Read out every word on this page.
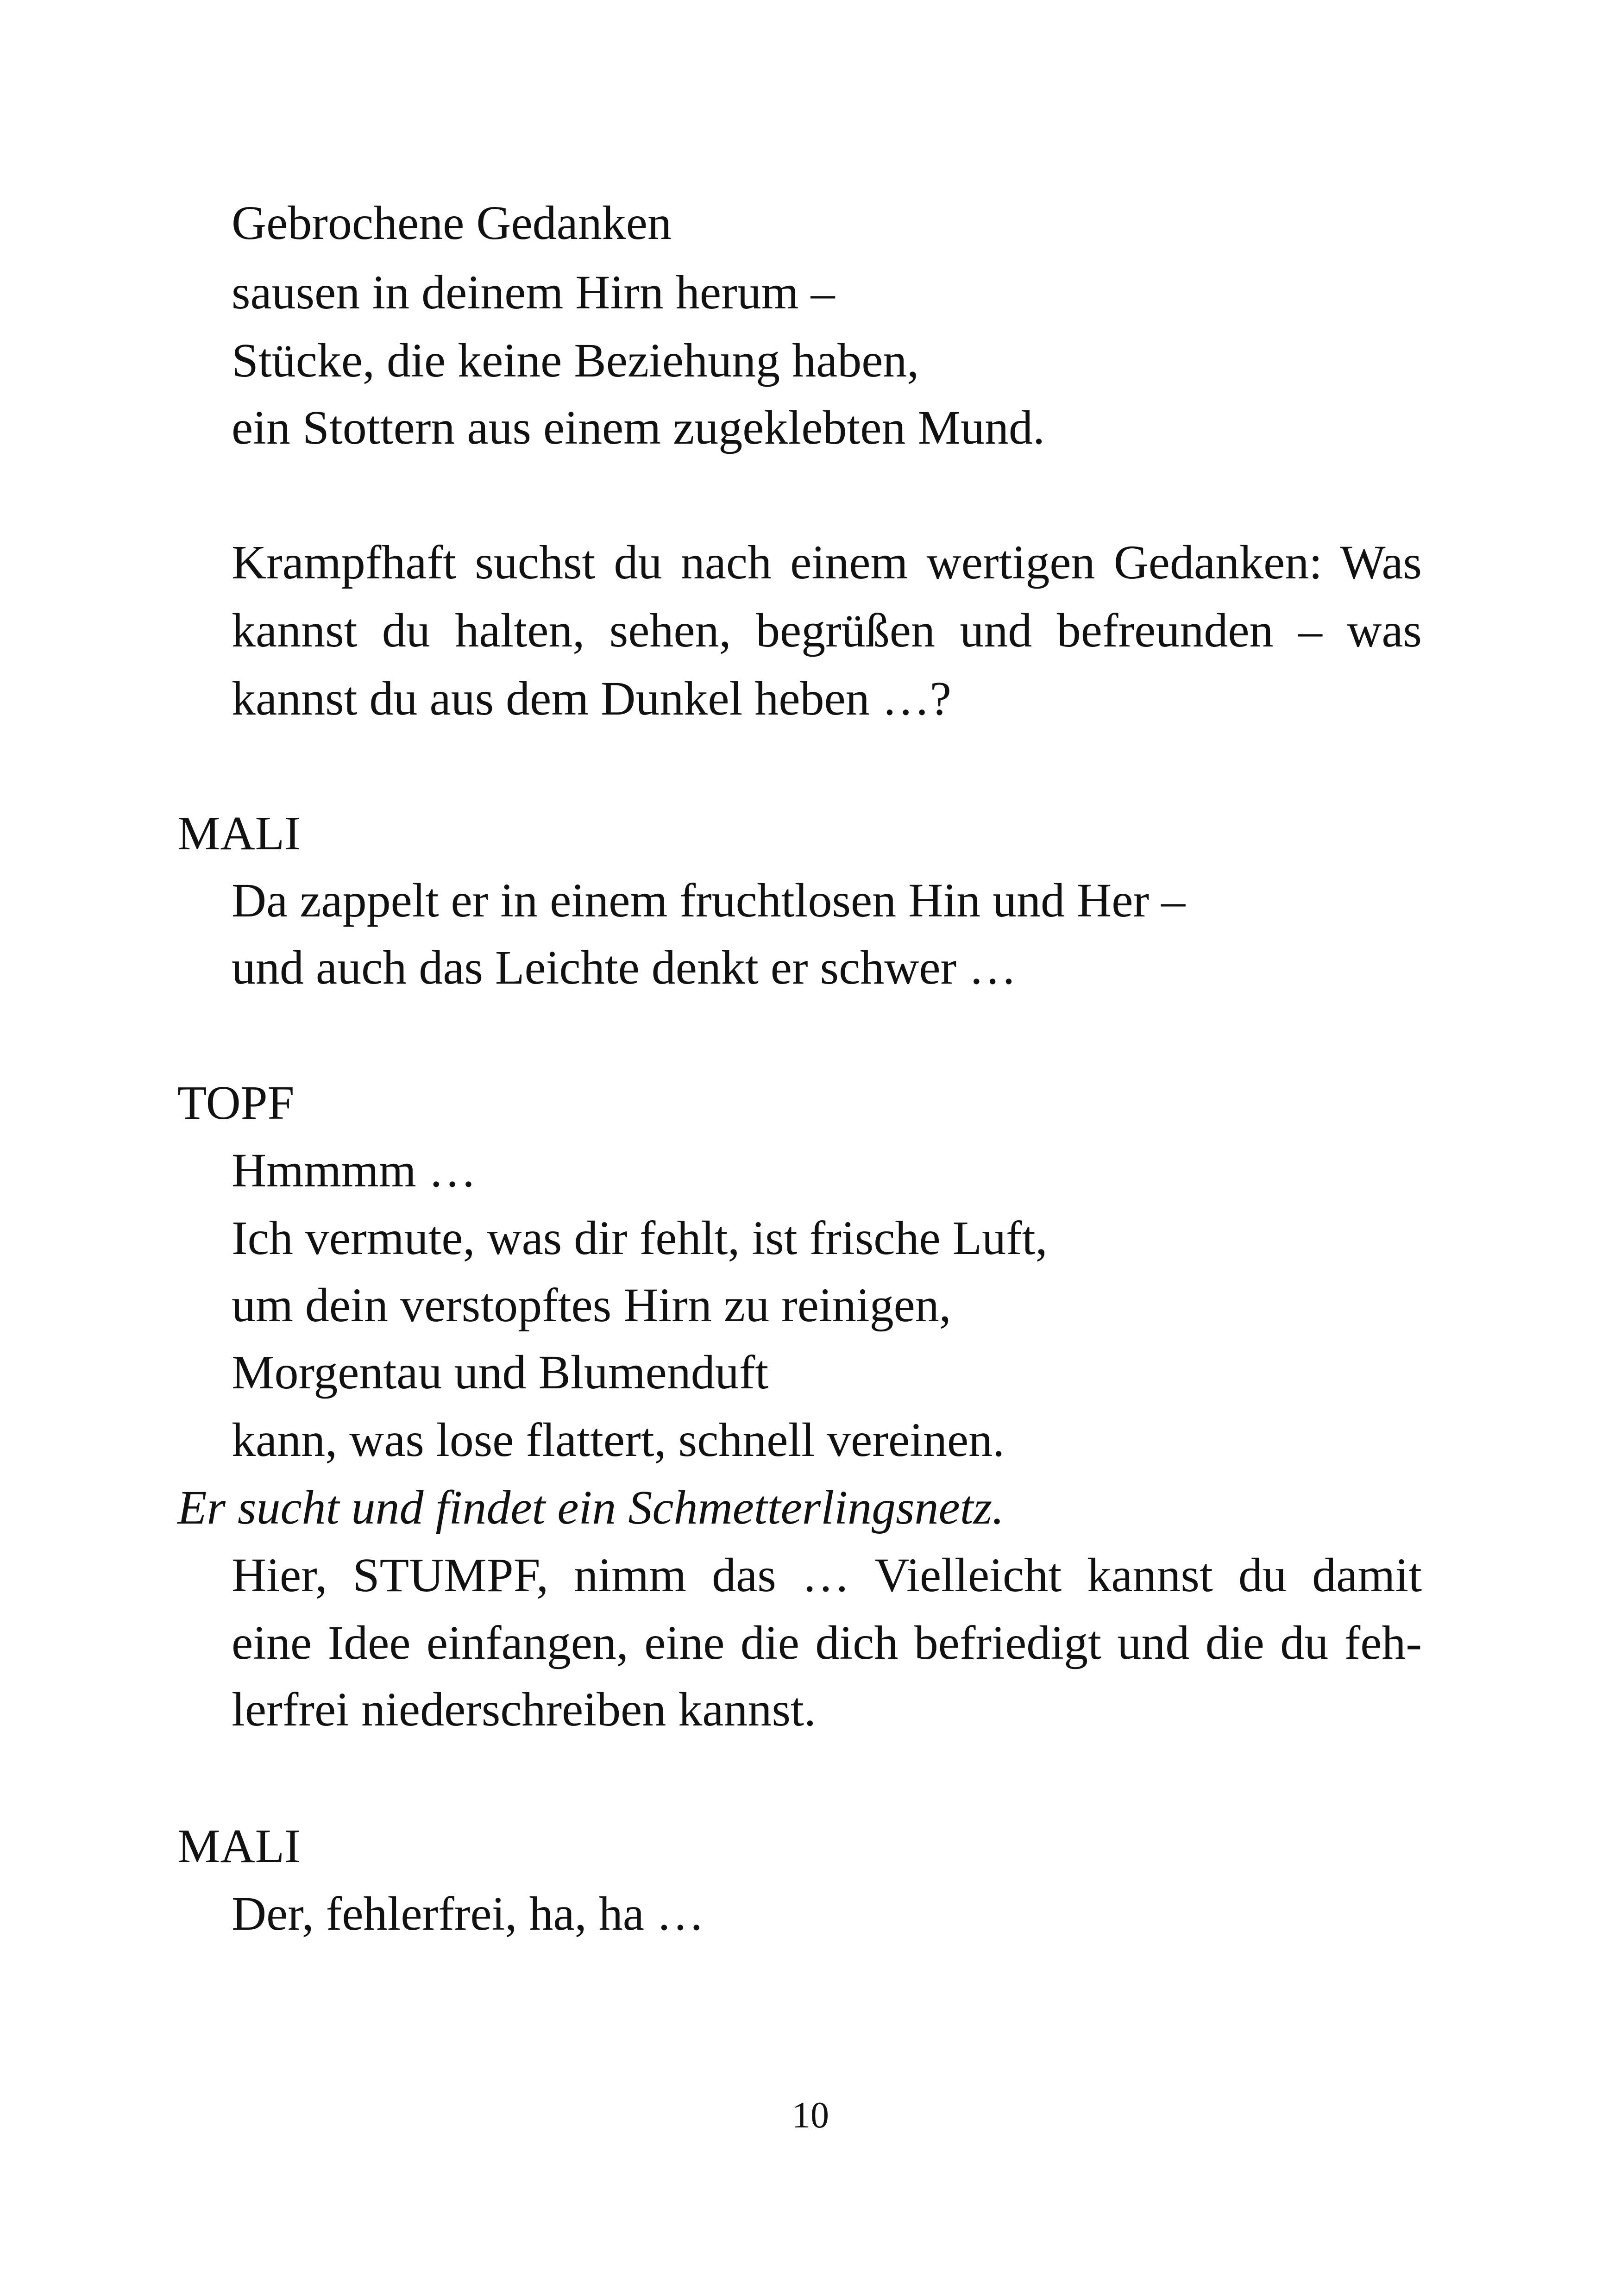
Gebrochene Gedanken

sausen in deinem Hirn herum –

Stücke, die keine Beziehung haben,

ein Stottern aus einem zugeklebten Mund.

Krampfhaft suchst du nach einem wertigen Gedanken: Was

kannst du halten, sehen, begrüßen und befreunden – was

kannst du aus dem Dunkel heben …?

MALI

Da zappelt er in einem fruchtlosen Hin und Her –

und auch das Leichte denkt er schwer …

TOPF

Hmmmm …

Ich vermute, was dir fehlt, ist frische Luft,

um dein verstopftes Hirn zu reinigen,

Morgentau und Blumenduft

kann, was lose flattert, schnell vereinen.

Er sucht und findet ein Schmetterlingsnetz.

Hier, STUMPF, nimm das … Vielleicht kannst du damit

eine Idee einfangen, eine die dich befriedigt und die du feh-

lerfrei niederschreiben kannst.

MALI

Der, fehlerfrei, ha, ha …

10
